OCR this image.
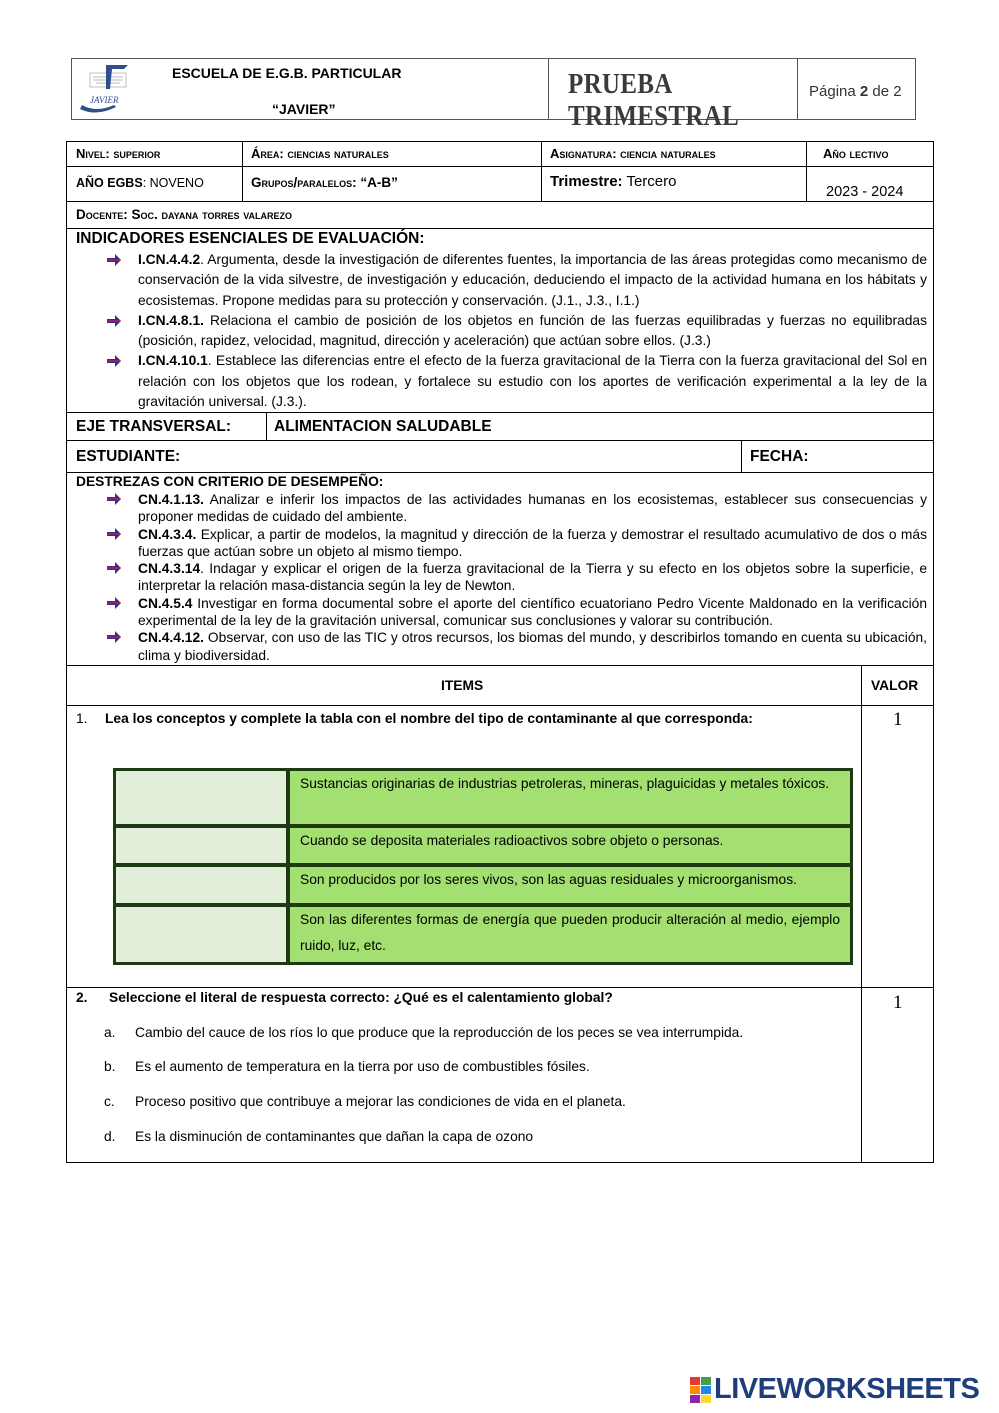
JAVIER
ESCUELA DE E.G.B. PARTICULAR
“JAVIER”
PRUEBA TRIMESTRAL
Página 2 de 2
Nivel: superior	Área: ciencias naturales	Asignatura: ciencia naturales	Año lectivo
AÑO EGBS: NOVENO	Grupos/paralelos: “A-B”	Trimestre: Tercero
2023 - 2024
Docente: Soc. dayana torres valarezo
INDICADORES ESENCIALES DE EVALUACIÓN:
I.CN.4.4.2. Argumenta, desde la investigación de diferentes fuentes, la importancia de las áreas protegidas como mecanismo de conservación de la vida silvestre, de investigación y educación, deduciendo el impacto de la actividad humana en los hábitats y ecosistemas. Propone medidas para su protección y conservación. (J.1., J.3., I.1.)
I.CN.4.8.1. Relaciona el cambio de posición de los objetos en función de las fuerzas equilibradas y fuerzas no equilibradas (posición, rapidez, velocidad, magnitud, dirección y aceleración) que actúan sobre ellos. (J.3.)
I.CN.4.10.1. Establece las diferencias entre el efecto de la fuerza gravitacional de la Tierra con la fuerza gravitacional del Sol en relación con los objetos que los rodean, y fortalece su estudio con los aportes de verificación experimental a la ley de la gravitación universal. (J.3.).
EJE TRANSVERSAL:	ALIMENTACION SALUDABLE
ESTUDIANTE:	FECHA:
DESTREZAS CON CRITERIO DE DESEMPEÑO:
CN.4.1.13. Analizar e inferir los impactos de las actividades humanas en los ecosistemas, establecer sus consecuencias y proponer medidas de cuidado del ambiente.
CN.4.3.4. Explicar, a partir de modelos, la magnitud y dirección de la fuerza y demostrar el resultado acumulativo de dos o más fuerzas que actúan sobre un objeto al mismo tiempo.
CN.4.3.14. Indagar y explicar el origen de la fuerza gravitacional de la Tierra y su efecto en los objetos sobre la superficie, e interpretar la relación masa-distancia según la ley de Newton.
CN.4.5.4 Investigar en forma documental sobre el aporte del científico ecuatoriano Pedro Vicente Maldonado en la verificación experimental de la ley de la gravitación universal, comunicar sus conclusiones y valorar su contribución.
CN.4.4.12. Observar, con uso de las TIC y otros recursos, los biomas del mundo, y describirlos tomando en cuenta su ubicación, clima y biodiversidad.
ITEMS	VALOR
1. Lea los conceptos y complete la tabla con el nombre del tipo de contaminante al que corresponda:	1
Sustancias originarias de industrias petroleras, mineras, plaguicidas y metales tóxicos.
Cuando se deposita materiales radioactivos sobre objeto o personas.
Son producidos por los seres vivos, son las aguas residuales y microorganismos.
Son las diferentes formas de energía que pueden producir alteración al medio, ejemplo ruido, luz, etc.
2. Seleccione el literal de respuesta correcto: ¿Qué es el calentamiento global?	1
a. Cambio del cauce de los ríos lo que produce que la reproducción de los peces se vea interrumpida.
b. Es el aumento de temperatura en la tierra por uso de combustibles fósiles.
c. Proceso positivo que contribuye a mejorar las condiciones de vida en el planeta.
d. Es la disminución de contaminantes que dañan la capa de ozono
LIVEWORKSHEETS
